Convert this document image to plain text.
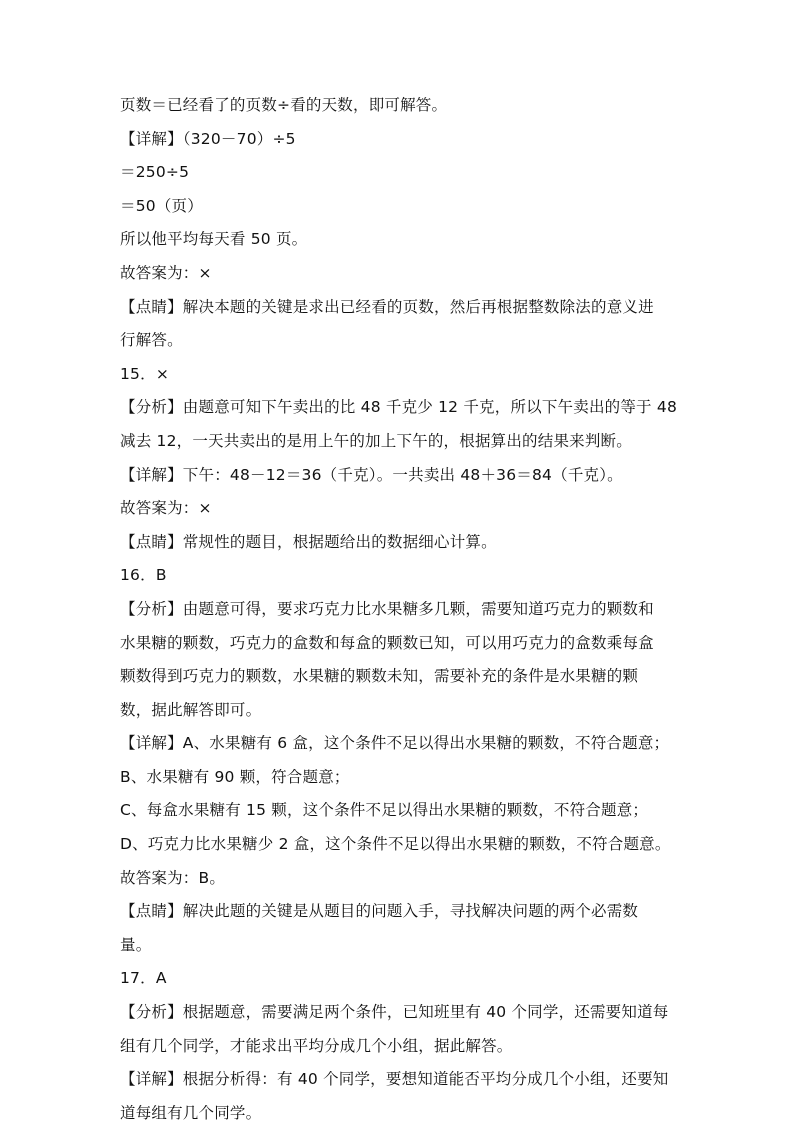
页数＝已经看了的页数÷看的天数，即可解答。

【详解】（320－70）÷5

＝250÷5

＝50（页）

所以他平均每天看 50 页。

故答案为：×

【点睛】解决本题的关键是求出已经看的页数，然后再根据整数除法的意义进

行解答。

15．×

【分析】由题意可知下午卖出的比 48 千克少 12 千克，所以下午卖出的等于 48

减去 12，一天共卖出的是用上午的加上下午的，根据算出的结果来判断。

【详解】下午：48－12＝36（千克）。一共卖出 48＋36＝84（千克）。

故答案为：×

【点睛】常规性的题目，根据题给出的数据细心计算。

16．B

【分析】由题意可得，要求巧克力比水果糖多几颗，需要知道巧克力的颗数和

水果糖的颗数，巧克力的盒数和每盒的颗数已知，可以用巧克力的盒数乘每盒

颗数得到巧克力的颗数，水果糖的颗数未知，需要补充的条件是水果糖的颗

数，据此解答即可。

【详解】A、水果糖有 6 盒，这个条件不足以得出水果糖的颗数，不符合题意；

B、水果糖有 90 颗，符合题意；

C、每盒水果糖有 15 颗，这个条件不足以得出水果糖的颗数，不符合题意；

D、巧克力比水果糖少 2 盒，这个条件不足以得出水果糖的颗数，不符合题意。

故答案为：B。

【点睛】解决此题的关键是从题目的问题入手，寻找解决问题的两个必需数

量。

17．A

【分析】根据题意，需要满足两个条件，已知班里有 40 个同学，还需要知道每

组有几个同学，才能求出平均分成几个小组，据此解答。

【详解】根据分析得：有 40 个同学，要想知道能否平均分成几个小组，还要知

道每组有几个同学。
